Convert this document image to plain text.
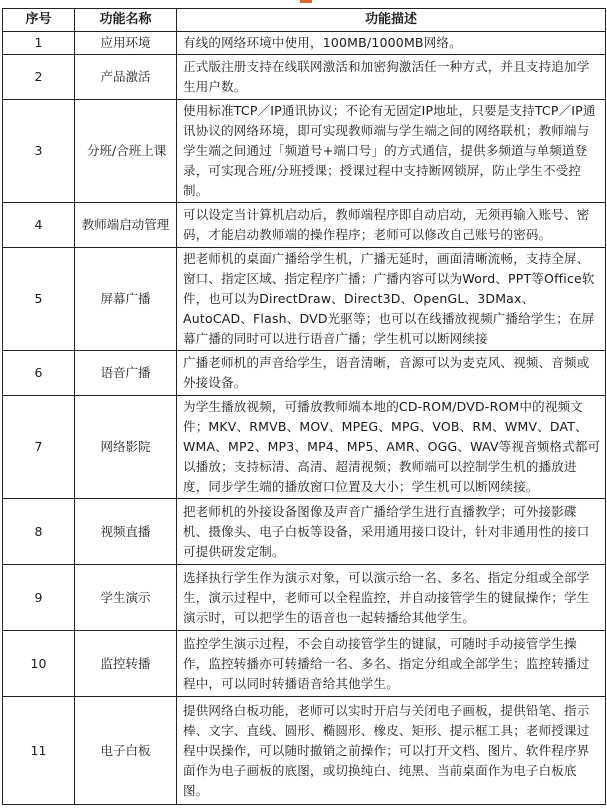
序号	功能名称	功能描述
1	应用环境	有线的网络环境中使用，100MB/1000MB网络。
2	产品激活	正式版注册支持在线联网激活和加密狗激活任一种方式，并且支持追加学生用户数。
3	分班/合班上课	使用标准TCP／IP通讯协议；不论有无固定IP地址，只要是支持TCP／IP通讯协议的网络环境，即可实现教师端与学生端之间的网络联机；教师端与学生端之间通过「频道号+端口号」的方式通信，提供多频道与单频道登录，可实现合班/分班授课；授课过程中支持断网锁屏，防止学生不受控制。
4	教师端启动管理	可以设定当计算机启动后，教师端程序即自动启动，无须再输入账号、密码，才能启动教师端的操作程序；老师可以修改自己账号的密码。
5	屏幕广播	把老师机的桌面广播给学生机，广播无延时，画面清晰流畅，支持全屏、窗口、指定区域、指定程序广播；广播内容可以为Word、PPT等Office软件，也可以为DirectDraw、Direct3D、OpenGL、3DMax、AutoCAD、Flash、DVD光驱等；也可以在线播放视频广播给学生；在屏幕广播的同时可以进行语音广播；学生机可以断网续接
6	语音广播	广播老师机的声音给学生，语音清晰，音源可以为麦克风、视频、音频或外接设备。
7	网络影院	为学生播放视频，可播放教师端本地的CD-ROM/DVD-ROM中的视频文件；MKV、RMVB、MOV、MPEG、MPG、VOB、RM、WMV、DAT、WMA、MP2、MP3、MP4、MP5、AMR、OGG、WAV等视音频格式都可以播放；支持标清、高清、超清视频；教师端可以控制学生机的播放进度，同步学生端的播放窗口位置及大小；学生机可以断网续接。
8	视频直播	把老师机的外接设备图像及声音广播给学生进行直播教学；可外接影碟机、摄像头、电子白板等设备，采用通用接口设计，针对非通用性的接口可提供研发定制。
9	学生演示	选择执行学生作为演示对象，可以演示给一名、多名、指定分组或全部学生，演示过程中，老师可以全程监控，并自动接管学生的键鼠操作；学生演示时，可以把学生的语音也一起转播给其他学生。
10	监控转播	监控学生演示过程，不会自动接管学生的键鼠，可随时手动接管学生操作，监控转播亦可转播给一名、多名、指定分组或全部学生；监控转播过程中，可以同时转播语音给其他学生。
11	电子白板	提供网络白板功能，老师可以实时开启与关闭电子画板，提供铅笔、指示棒、文字、直线、圆形、椭圆形、橡皮、矩形、提示框工具；老师授课过程中误操作，可以随时撤销之前操作；可以打开文档、图片、软件程序界面作为电子画板的底图，或切换纯白、纯黑、当前桌面作为电子白板底图。
